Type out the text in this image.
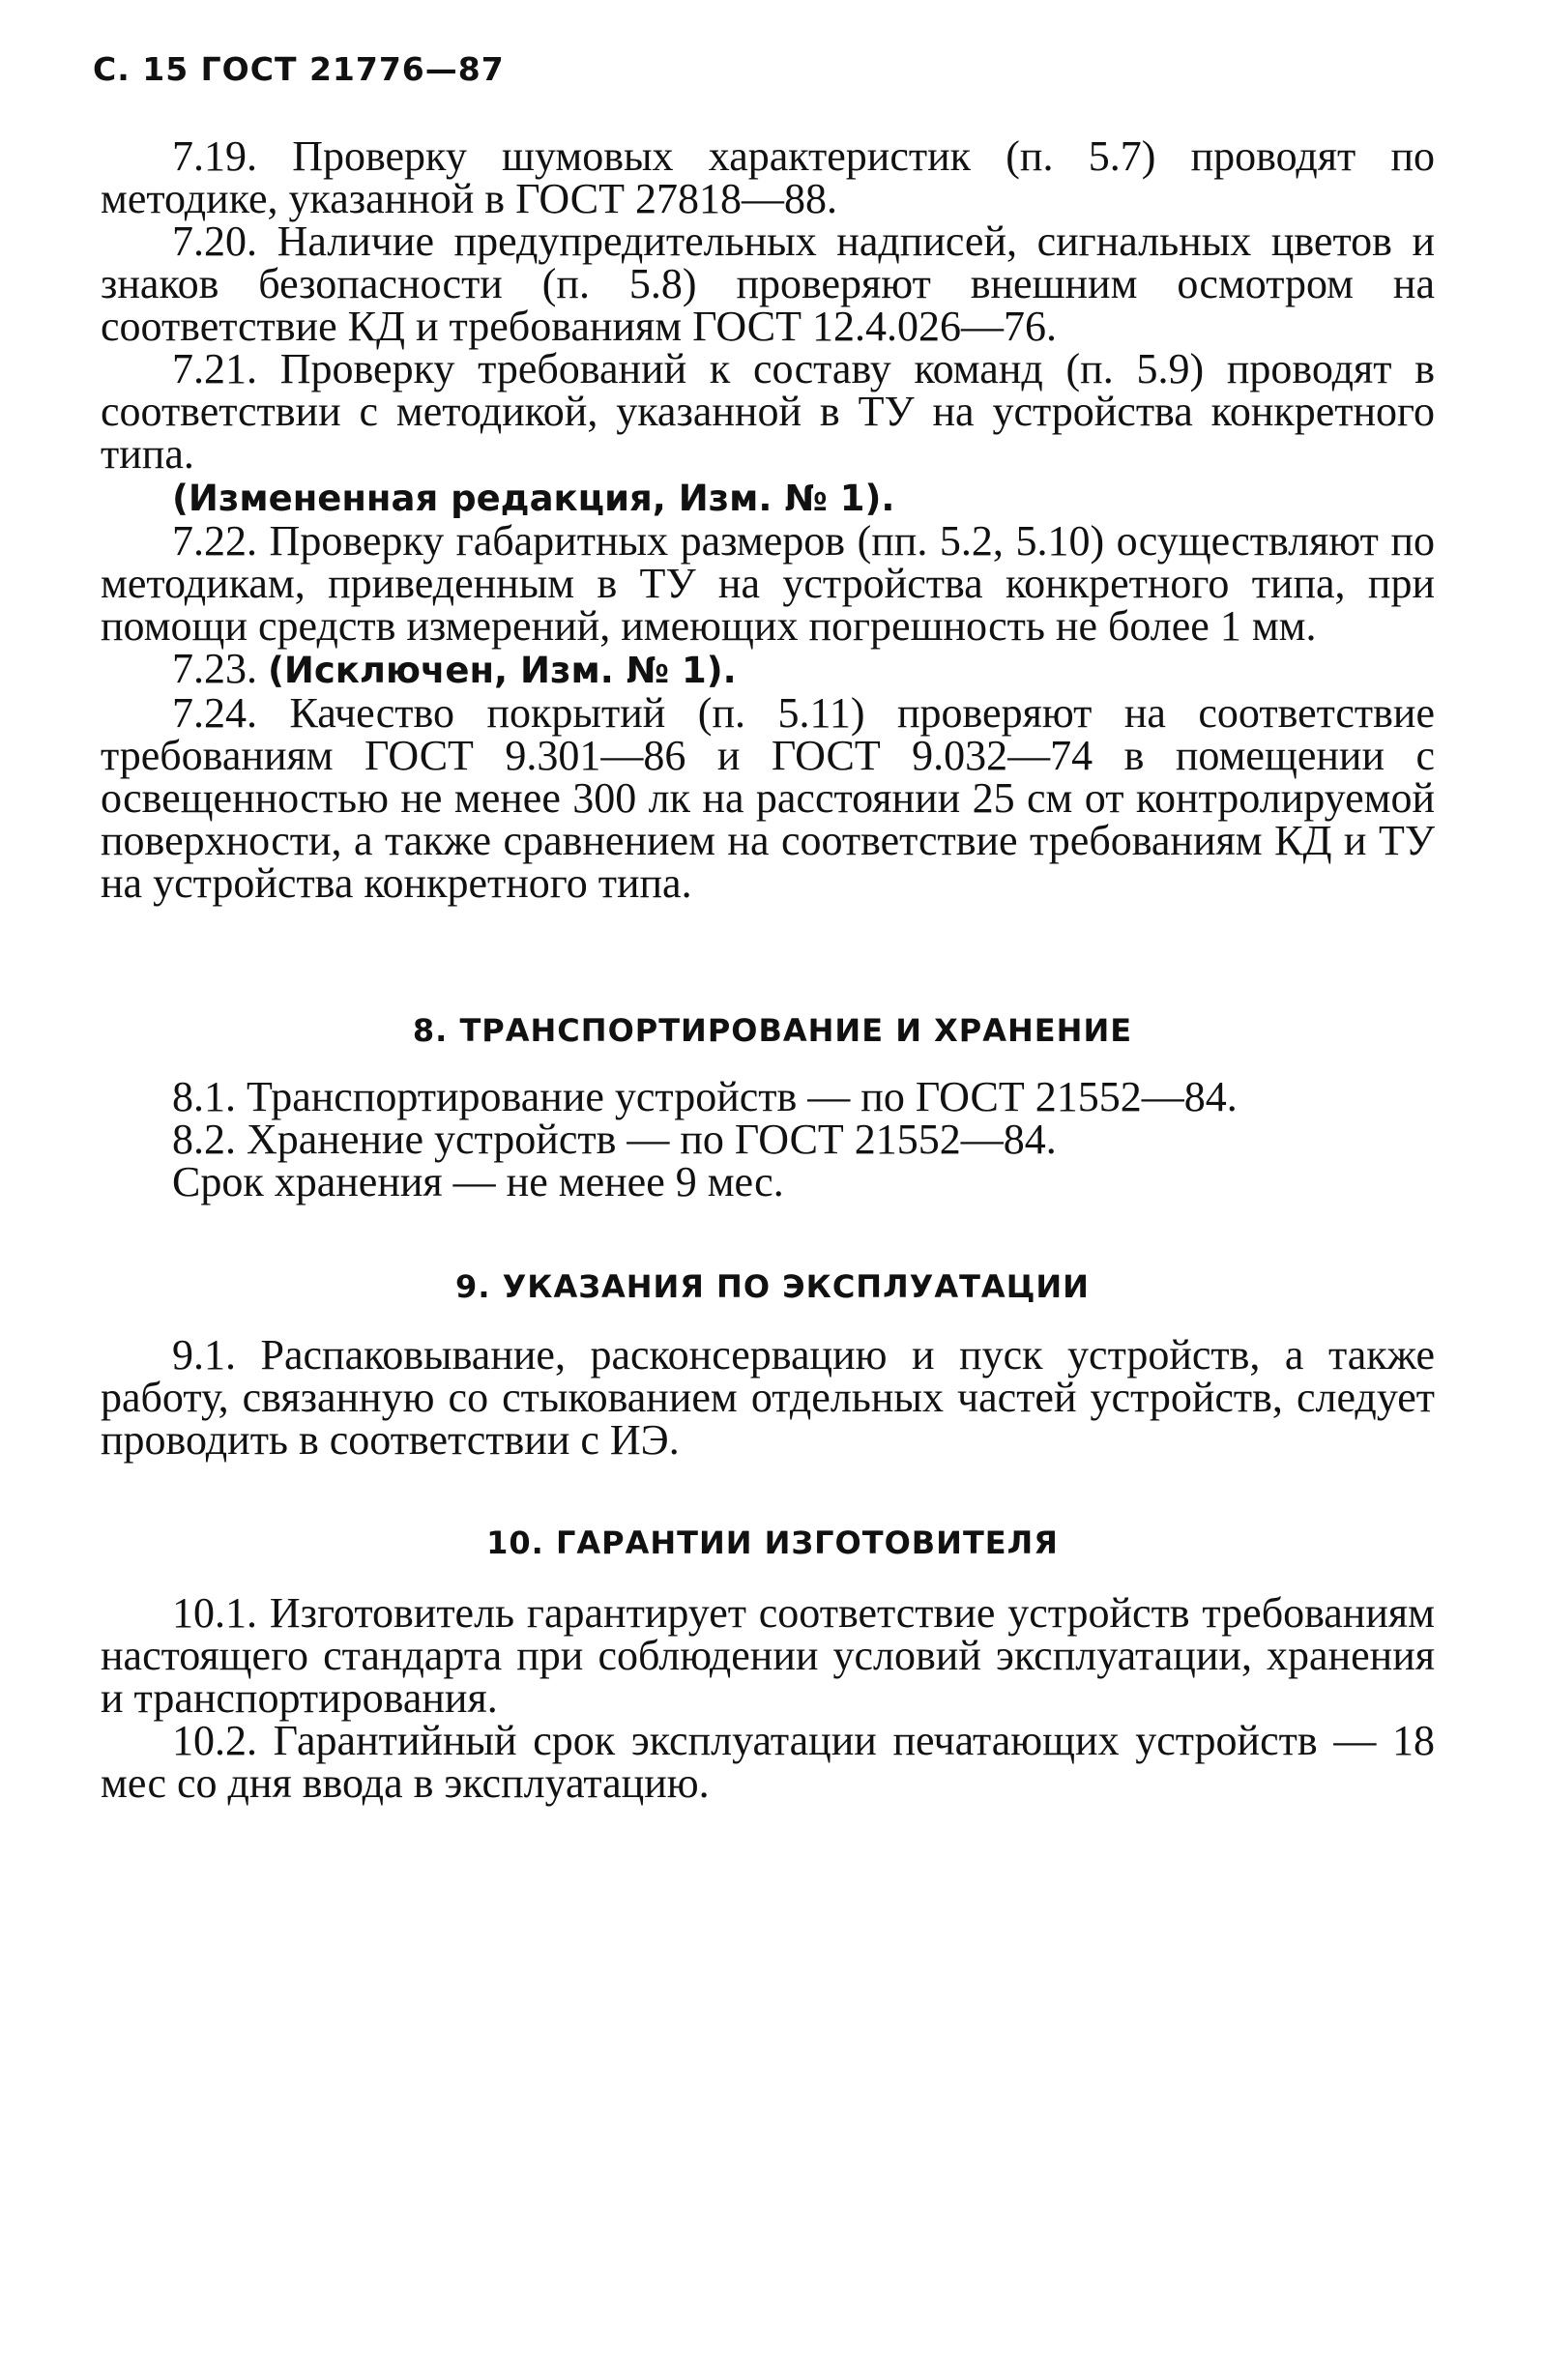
С. 15 ГОСТ 21776—87

7.19. Проверку шумовых характеристик (п. 5.7) проводят по методике, указанной в ГОСТ 27818—88.

7.20. Наличие предупредительных надписей, сигнальных цветов и знаков безопасности (п. 5.8) проверяют внешним осмотром на соответствие КД и требованиям ГОСТ 12.4.026—76.

7.21. Проверку требований к составу команд (п. 5.9) проводят в соответствии с методикой, указанной в ТУ на устройства конкретного типа.

(Измененная редакция, Изм. № 1).

7.22. Проверку габаритных размеров (пп. 5.2, 5.10) осуществляют по методикам, приведенным в ТУ на устройства конкретного типа, при помощи средств измерений, имеющих погрешность не более 1 мм.

7.23. (Исключен, Изм. № 1).

7.24. Качество покрытий (п. 5.11) проверяют на соответствие требованиям ГОСТ 9.301—86 и ГОСТ 9.032—74 в помещении с освещенностью не менее 300 лк на расстоянии 25 см от контролируемой поверхности, а также сравнением на соответствие требованиям КД и ТУ на устройства конкретного типа.

8. ТРАНСПОРТИРОВАНИЕ И ХРАНЕНИЕ

8.1. Транспортирование устройств — по ГОСТ 21552—84.

8.2. Хранение устройств — по ГОСТ 21552—84.

Срок хранения — не менее 9 мес.

9. УКАЗАНИЯ ПО ЭКСПЛУАТАЦИИ

9.1. Распаковывание, расконсервацию и пуск устройств, а также работу, связанную со стыкованием отдельных частей устройств, следует проводить в соответствии с ИЭ.

10. ГАРАНТИИ ИЗГОТОВИТЕЛЯ

10.1. Изготовитель гарантирует соответствие устройств требованиям настоящего стандарта при соблюдении условий эксплуатации, хранения и транспортирования.

10.2. Гарантийный срок эксплуатации печатающих устройств — 18 мес со дня ввода в эксплуатацию.
